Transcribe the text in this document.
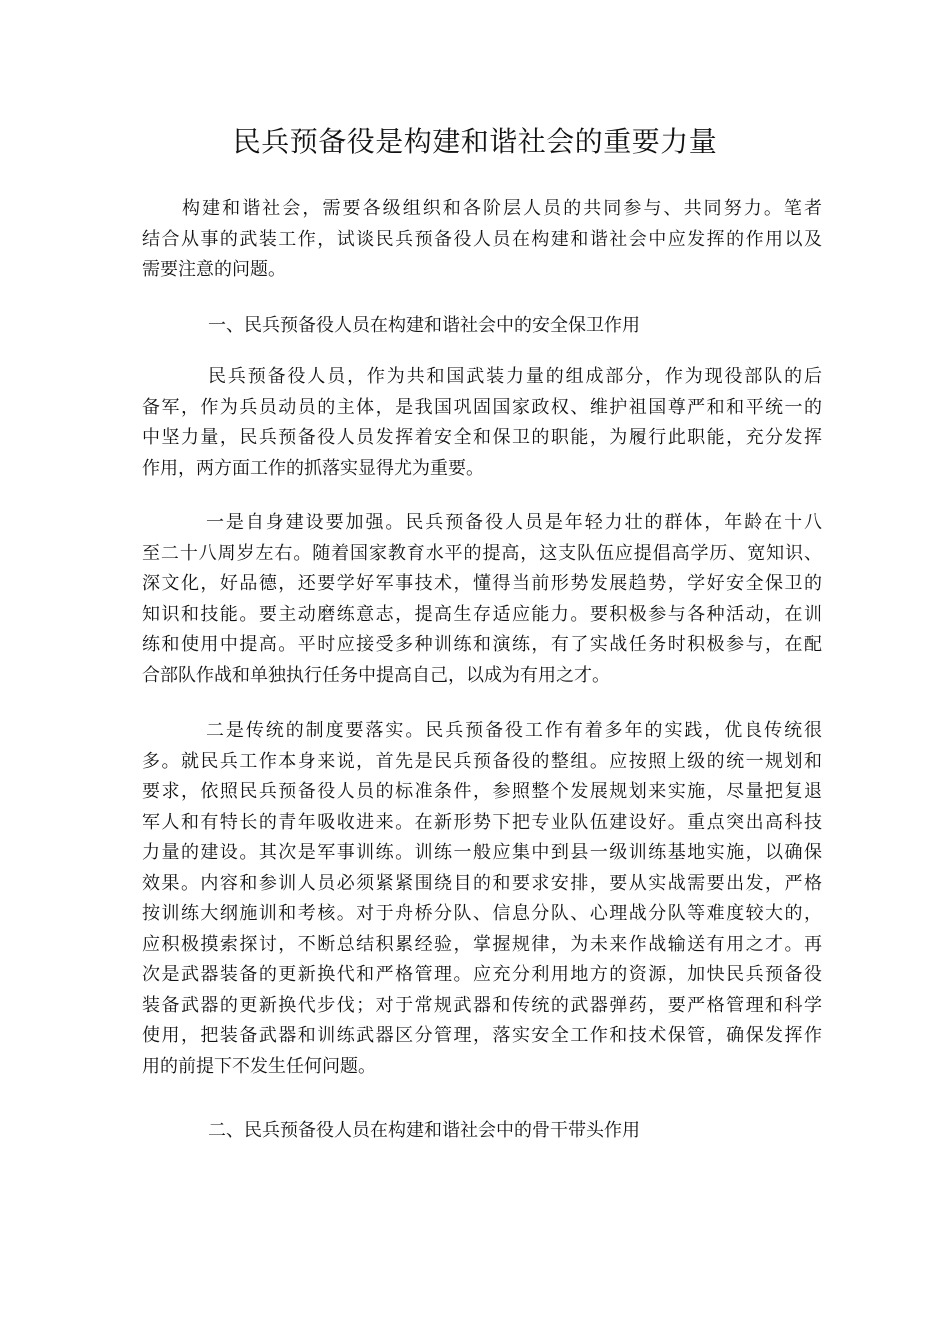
民兵预备役是构建和谐社会的重要力量
构建和谐社会，需要各级组织和各阶层人员的共同参与、共同努力。笔者
结合从事的武装工作，试谈民兵预备役人员在构建和谐社会中应发挥的作用以及
需要注意的问题。
一、民兵预备役人员在构建和谐社会中的安全保卫作用
民兵预备役人员，作为共和国武装力量的组成部分，作为现役部队的后
备军，作为兵员动员的主体，是我国巩固国家政权、维护祖国尊严和和平统一的
中坚力量，民兵预备役人员发挥着安全和保卫的职能，为履行此职能，充分发挥
作用，两方面工作的抓落实显得尤为重要。
一是自身建设要加强。民兵预备役人员是年轻力壮的群体，年龄在十八
至二十八周岁左右。随着国家教育水平的提高，这支队伍应提倡高学历、宽知识、
深文化，好品德，还要学好军事技术，懂得当前形势发展趋势，学好安全保卫的
知识和技能。要主动磨练意志，提高生存适应能力。要积极参与各种活动，在训
练和使用中提高。平时应接受多种训练和演练，有了实战任务时积极参与，在配
合部队作战和单独执行任务中提高自己，以成为有用之才。
二是传统的制度要落实。民兵预备役工作有着多年的实践，优良传统很
多。就民兵工作本身来说，首先是民兵预备役的整组。应按照上级的统一规划和
要求，依照民兵预备役人员的标准条件，参照整个发展规划来实施，尽量把复退
军人和有特长的青年吸收进来。在新形势下把专业队伍建设好。重点突出高科技
力量的建设。其次是军事训练。训练一般应集中到县一级训练基地实施，以确保
效果。内容和参训人员必须紧紧围绕目的和要求安排，要从实战需要出发，严格
按训练大纲施训和考核。对于舟桥分队、信息分队、心理战分队等难度较大的，
应积极摸索探讨，不断总结积累经验，掌握规律，为未来作战输送有用之才。再
次是武器装备的更新换代和严格管理。应充分利用地方的资源，加快民兵预备役
装备武器的更新换代步伐；对于常规武器和传统的武器弹药，要严格管理和科学
使用，把装备武器和训练武器区分管理，落实安全工作和技术保管，确保发挥作
用的前提下不发生任何问题。
二、民兵预备役人员在构建和谐社会中的骨干带头作用
